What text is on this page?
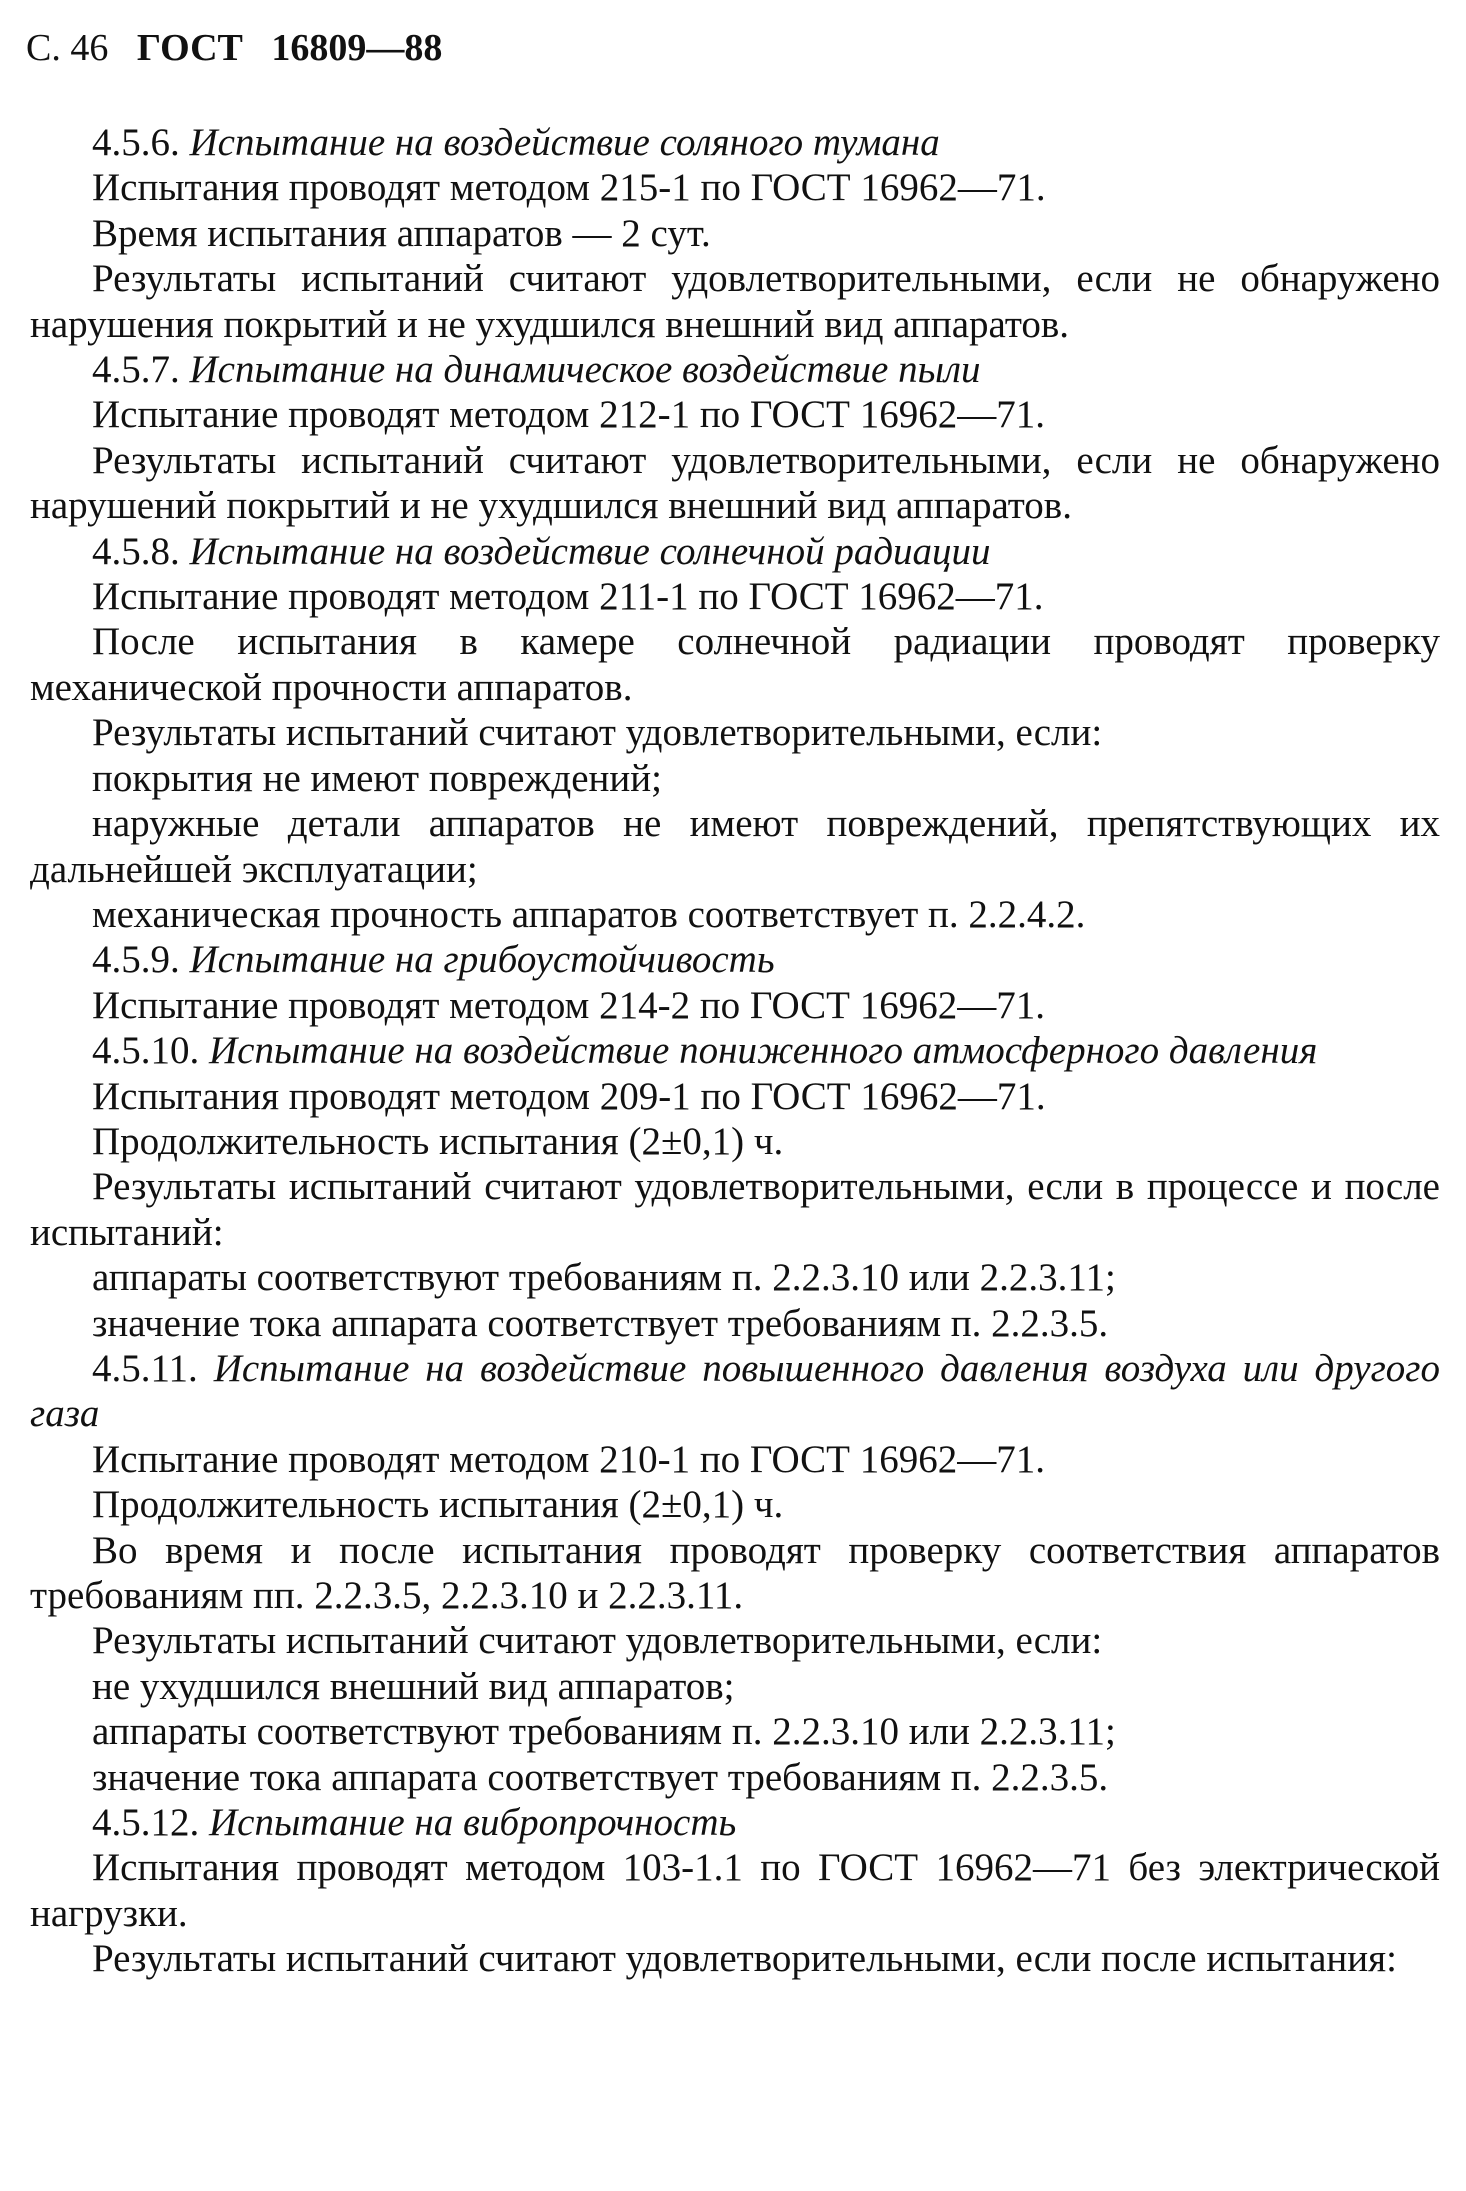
С. 46 ГОСТ 16809—88

4.5.6. Испытание на воздействие соляного тумана

Испытания проводят методом 215-1 по ГОСТ 16962—71.

Время испытания аппаратов — 2 сут.

Результаты испытаний считают удовлетворительными, если не обнаружено нарушения покрытий и не ухудшился внешний вид аппаратов.

4.5.7. Испытание на динамическое воздействие пыли

Испытание проводят методом 212-1 по ГОСТ 16962—71.

Результаты испытаний считают удовлетворительными, если не обнаружено нарушений покрытий и не ухудшился внешний вид аппаратов.

4.5.8. Испытание на воздействие солнечной радиации

Испытание проводят методом 211-1 по ГОСТ 16962—71.

После испытания в камере солнечной радиации проводят проверку механической прочности аппаратов.

Результаты испытаний считают удовлетворительными, если:

покрытия не имеют повреждений;

наружные детали аппаратов не имеют повреждений, препятствующих их дальнейшей эксплуатации;

механическая прочность аппаратов соответствует п. 2.2.4.2.

4.5.9. Испытание на грибоустойчивость

Испытание проводят методом 214-2 по ГОСТ 16962—71.

4.5.10. Испытание на воздействие пониженного атмосферного давления

Испытания проводят методом 209-1 по ГОСТ 16962—71.

Продолжительность испытания (2±0,1) ч.

Результаты испытаний считают удовлетворительными, если в процессе и после испытаний:

аппараты соответствуют требованиям п. 2.2.3.10 или 2.2.3.11;

значение тока аппарата соответствует требованиям п. 2.2.3.5.

4.5.11. Испытание на воздействие повышенного давления воздуха или другого газа

Испытание проводят методом 210-1 по ГОСТ 16962—71.

Продолжительность испытания (2±0,1) ч.

Во время и после испытания проводят проверку соответствия аппаратов требованиям пп. 2.2.3.5, 2.2.3.10 и 2.2.3.11.

Результаты испытаний считают удовлетворительными, если:

не ухудшился внешний вид аппаратов;

аппараты соответствуют требованиям п. 2.2.3.10 или 2.2.3.11;

значение тока аппарата соответствует требованиям п. 2.2.3.5.

4.5.12. Испытание на вибропрочность

Испытания проводят методом 103-1.1 по ГОСТ 16962—71 без электрической нагрузки.

Результаты испытаний считают удовлетворительными, если после испытания:
